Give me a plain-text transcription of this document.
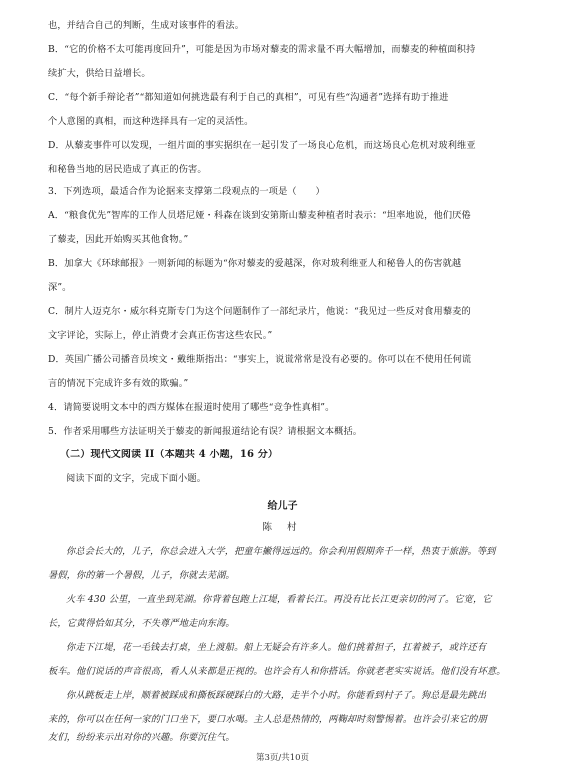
也，并结合自己的判断，生成对该事件的看法。
B．“它的价格不太可能再度回升”，可能是因为市场对藜麦的需求量不再大幅增加，而藜麦的种植面积持
续扩大，供给日益增长。
C．“每个新手辩论者”“都知道如何挑选最有利于自己的真相”，可见有些“沟通者”选择有助于推进
个人意图的真相，而这种选择具有一定的灵活性。
D．从藜麦事件可以发现，一组片面的事实据织在一起引发了一场良心危机，而这场良心危机对玻利维亚
和秘鲁当地的居民造成了真正的伤害。
3．下列选项，最适合作为论据来支撑第二段观点的一项是（　　）
A．“粮食优先”智库的工作人员塔尼娅・科森在谈到安第斯山藜麦种植者时表示：“坦率地说，他们厌倦
了藜麦，因此开始购买其他食物。”
B．加拿大《环球邮报》一则新闻的标题为“你对藜麦的爱越深，你对玻利维亚人和秘鲁人的伤害就越
深”。
C．制片人迈克尔・威尔科克斯专门为这个问题制作了一部纪录片，他说：“我见过一些反对食用藜麦的
文字评论，实际上，停止消费才会真正伤害这些农民。”
D．英国广播公司播音员埃文・戴维斯指出：“事实上，说谎常常是没有必要的。你可以在不使用任何谎
言的情况下完成许多有效的欺骗。”
4．请简要说明文本中的西方媒体在报道时使用了哪些“竞争性真相”。
5．作者采用哪些方法证明关于藜麦的新闻报道结论有误？请根据文本概括。
（二）现代文阅读 II（本题共 4 小题，16 分）
阅读下面的文字，完成下面小题。
给儿子
陈 村
你总会长大的，儿子，你总会进入大学，把童年撇得远远的。你会利用假期奔千一样，热衷于旅游。等到
暑假，你的第一个暑假，儿子，你就去芜湖。
火车 430 公里，一直坐到芜湖。你背着包跑上江堤，看着长江。再没有比长江更亲切的河了。它宽，它
长，它黄得恰如其分，不失尊严地走向东海。
你走下江堤，花一毛钱去打桌，坐上渡船。船上无疑会有许多人。他们挑着担子，扛着被子，或许还有
板车。他们说话的声音很高，看人从来都是正视的。也许会有人和你搭话。你就老老实实说话。他们没有坏意。
你从跳板走上岸，顺着被踩成和撕板踩硬踩白的大路，走半个小时。你能看到村子了。狗总是最先跳出
来的，你可以在任何一家的门口坐下，要口水喝。主人总是热情的，两鞠却时刻警惕着。也许会引来它的朋
友们，纷纷来示出对你的兴趣。你要沉住气。
第3页/共10页
